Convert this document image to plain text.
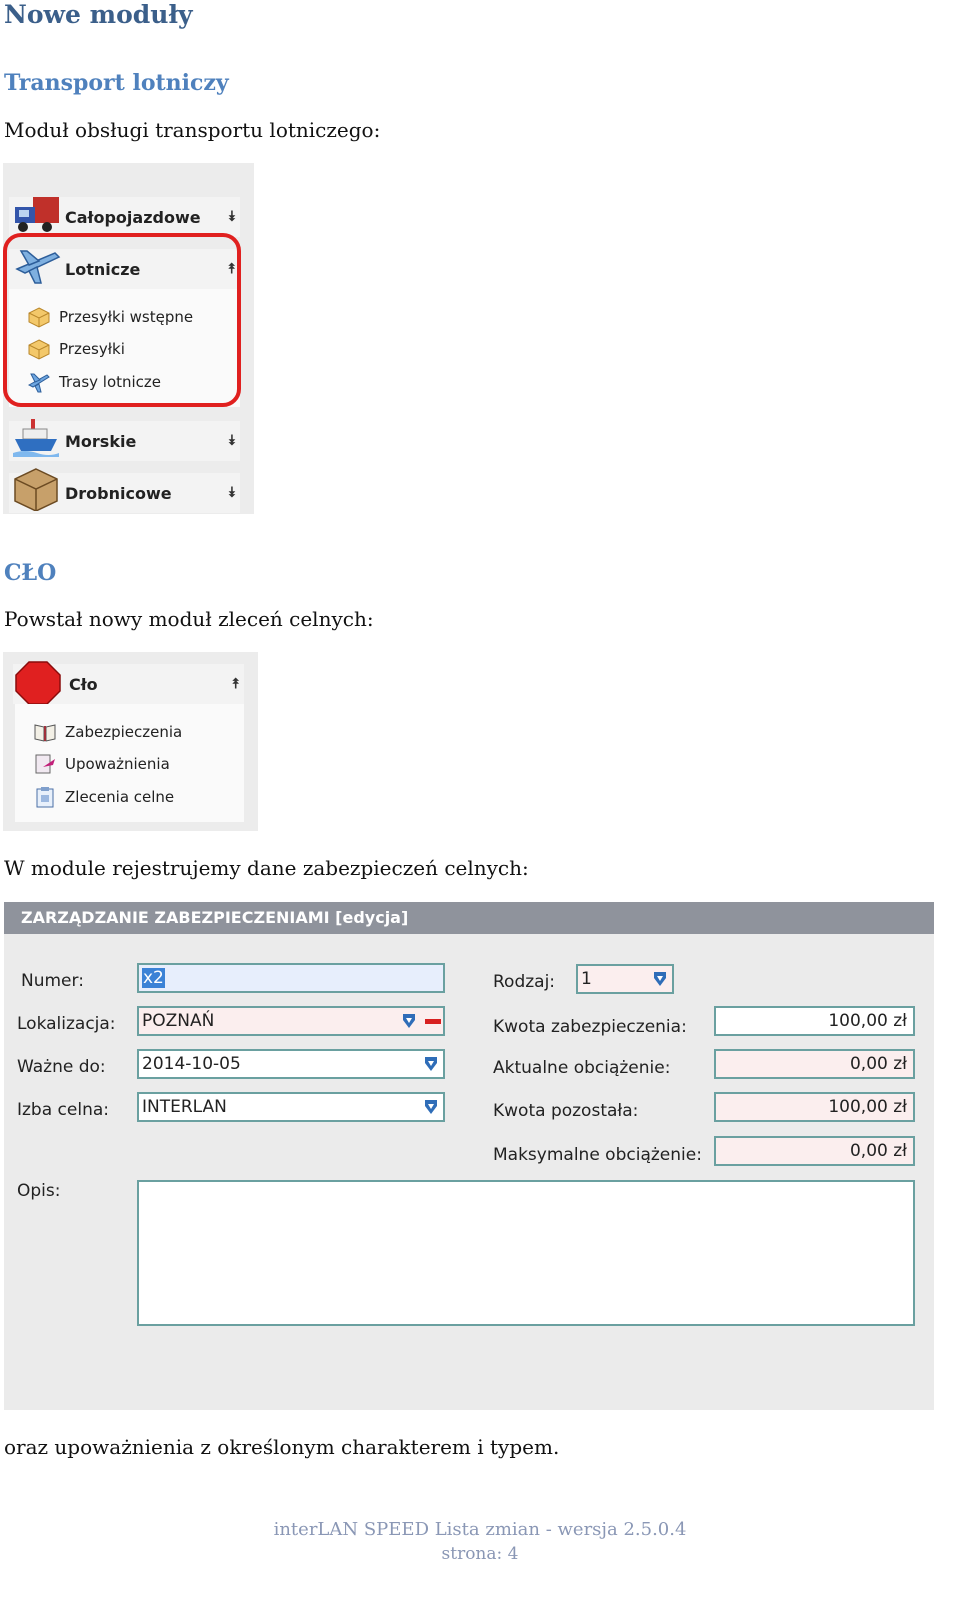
Nowe moduły
Transport lotniczy
Moduł obsługi transportu lotniczego:
Całopojazdowe ⯯
Lotnicze	⯭
Przesyłki wstępne
Przesyłki
Trasy lotnicze
Morskie	⯯
Drobnicowe	⯯
CŁO
Powstał nowy moduł zleceń celnych:
Cło	⯭
Zabezpieczenia
Upoważnienia
Zlecenia celne
W module rejestrujemy dane zabezpieczeń celnych:
ZARZĄDZANIE ZABEZPIECZENIAMI [edycja]
Numer:	x2
Lokalizacja: POZNAŃ
Ważne do: 2014-10-05
Izba celna: INTERLAN
Opis:
Rodzaj: 1
Kwota zabezpieczenia:	100,00 zł
Aktualne obciążenie:	0,00 zł
Kwota pozostała:	100,00 zł
Maksymalne obciążenie:	0,00 zł
oraz upoważnienia z określonym charakterem i typem.
interLAN SPEED Lista zmian - wersja 2.5.0.4
strona: 4
